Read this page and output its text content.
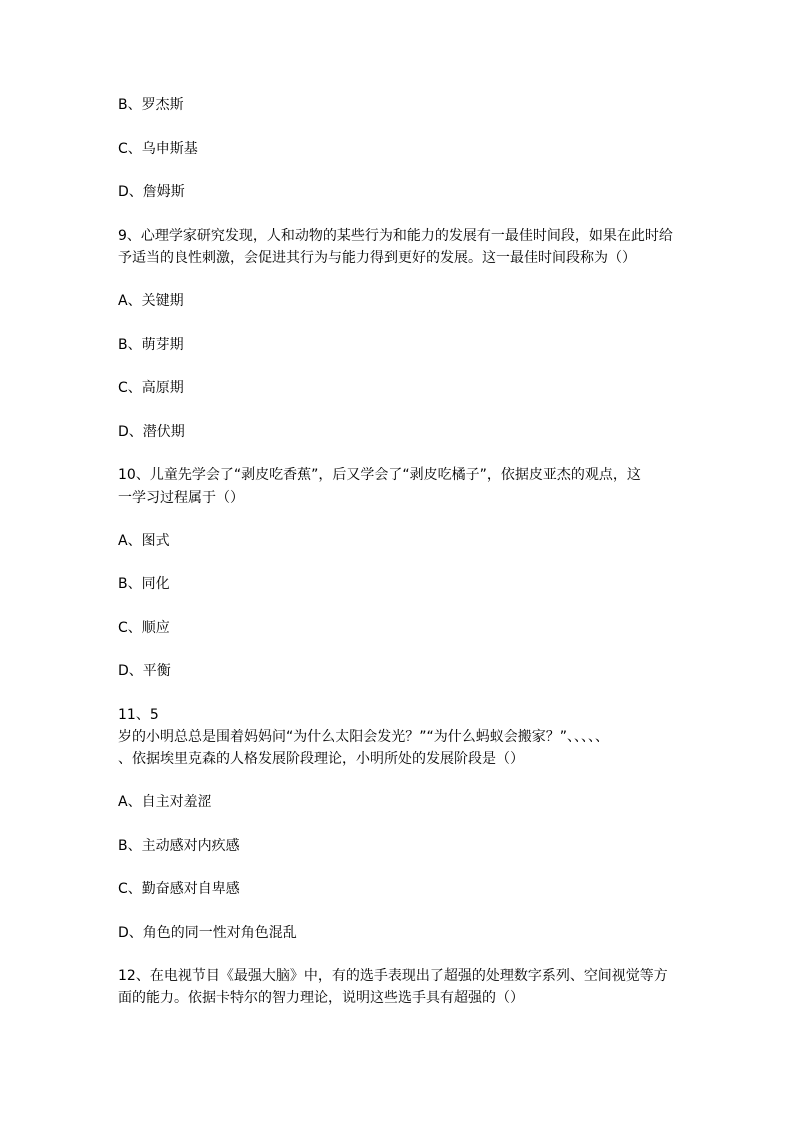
B、罗杰斯
C、乌申斯基
D、詹姆斯
9、心理学家研究发现，人和动物的某些行为和能力的发展有一最佳时间段，如果在此时给
予适当的良性刺激，会促进其行为与能力得到更好的发展。这一最佳时间段称为（）
A、关键期
B、萌芽期
C、高原期
D、潜伏期
10、儿童先学会了“剥皮吃香蕉”，后又学会了“剥皮吃橘子”，依据皮亚杰的观点，这
一学习过程属于（）
A、图式
B、同化
C、顺应
D、平衡
11、5
岁的小明总总是围着妈妈问“为什么太阳会发光？”“为什么蚂蚁会搬家？”、、、、、
、依据埃里克森的人格发展阶段理论，小明所处的发展阶段是（）
A、自主对羞涩
B、主动感对内疚感
C、勤奋感对自卑感
D、角色的同一性对角色混乱
12、在电视节目《最强大脑》中，有的选手表现出了超强的处理数字系列、空间视觉等方
面的能力。依据卡特尔的智力理论，说明这些选手具有超强的（）
